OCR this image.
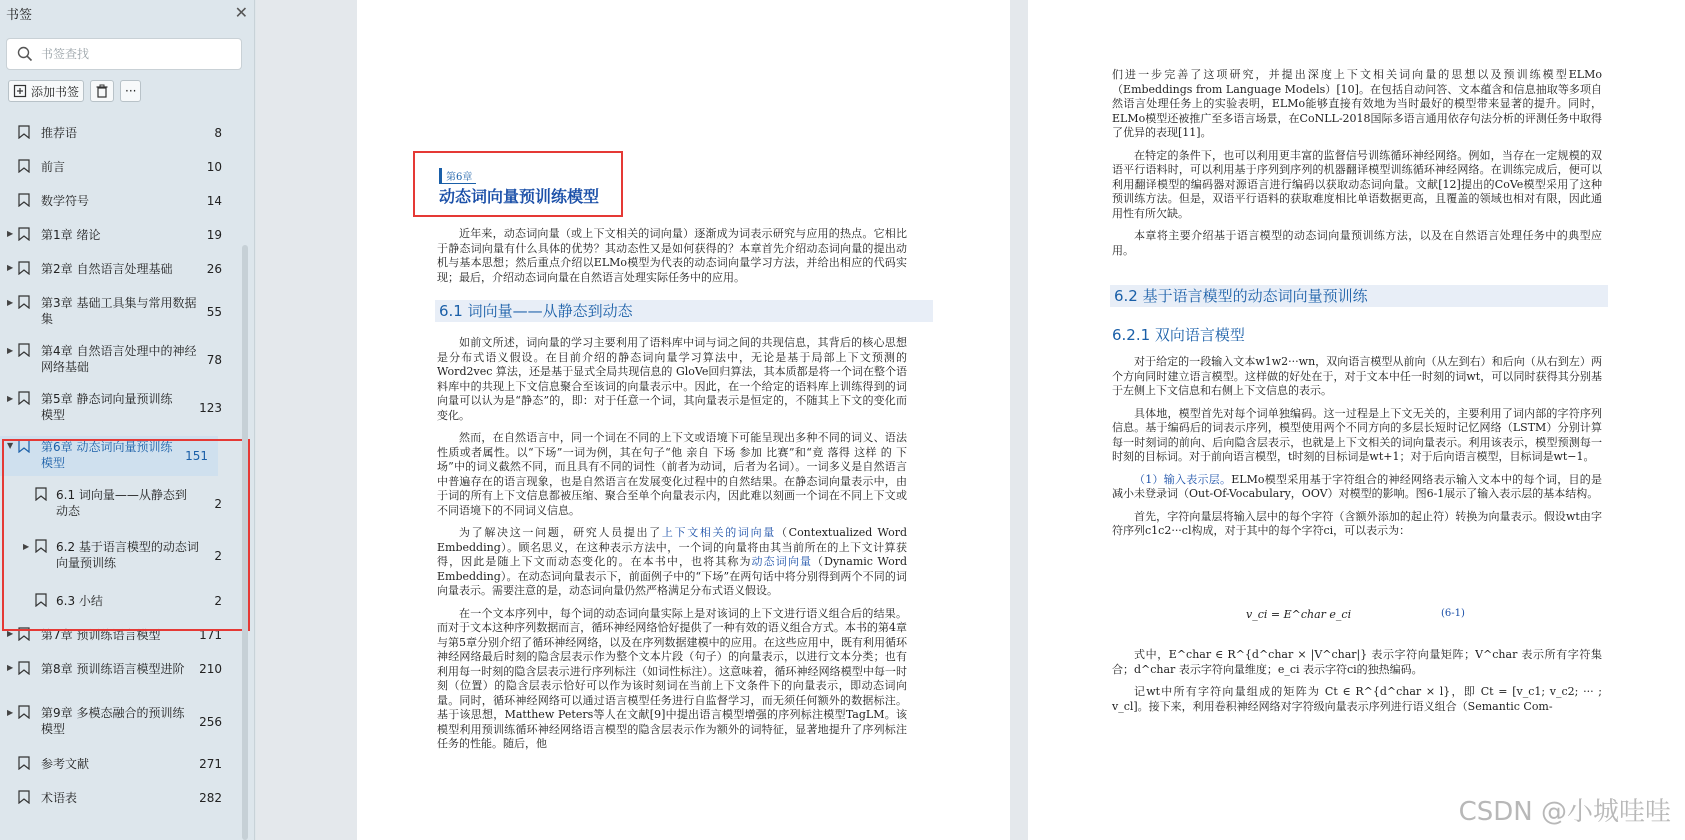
书签	✕
书签查找
添加书签	···
推荐语	8
前言	10
数学符号	14
▶ 第1章 绪论	19
▶ 第2章 自然语言处理基础	26
▶ 第3章 基础工具集与常用数据集	55
▶ 第4章 自然语言处理中的神经网络基础	78
▶ 第5章 静态词向量预训练模型	123
▼ 第6章 动态词向量预训练模型	151
6.1 词向量——从静态到动态	2
▶ 6.2 基于语言模型的动态词向量预训练	2
6.3 小结	2
▶ 第7章 预训练语言模型	171
▶ 第8章 预训练语言模型进阶 210
▶ 第9章 多模态融合的预训练模型	256
参考文献	271
术语表	282
第6章
动态词向量预训练模型

近年来，动态词向量（或上下文相关的词向量）逐渐成为词表示研究与应用的热点。它相比于静态词向量有什么具体的优势？其动态性又是如何获得的？本章首先介绍动态词向量的提出动机与基本思想；然后重点介绍以ELMo模型为代表的动态词向量学习方法，并给出相应的代码实现；最后，介绍动态词向量在自然语言处理实际任务中的应用。

6.1 词向量——从静态到动态

如前文所述，词向量的学习主要利用了语料库中词与词之间的共现信息，其背后的核心思想是分布式语义假设。在目前介绍的静态词向量学习算法中，无论是基于局部上下文预测的 Word2vec 算法，还是基于显式全局共现信息的 GloVe回归算法，其本质都是将一个词在整个语料库中的共现上下文信息聚合至该词的向量表示中。因此，在一个给定的语料库上训练得到的词向量可以认为是“静态”的，即：对于任意一个词，其向量表示是恒定的，不随其上下文的变化而变化。

然而，在自然语言中，同一个词在不同的上下文或语境下可能呈现出多种不同的词义、语法性质或者属性。以“下场”一词为例，其在句子“他 亲自 下场 参加 比赛”和“竟 落得 这样 的 下场”中的词义截然不同，而且具有不同的词性（前者为动词，后者为名词）。一词多义是自然语言中普遍存在的语言现象，也是自然语言在发展变化过程中的自然结果。在静态词向量表示中，由于词的所有上下文信息都被压缩、聚合至单个向量表示内，因此难以刻画一个词在不同上下文或不同语境下的不同词义信息。

为了解决这一问题，研究人员提出了上下文相关的词向量（Contextualized Word Embedding）。顾名思义，在这种表示方法中，一个词的向量将由其当前所在的上下文计算获得，因此是随上下文而动态变化的。在本书中，也将其称为动态词向量（Dynamic Word Embedding）。在动态词向量表示下，前面例子中的“下场”在两句话中将分别得到两个不同的词向量表示。需要注意的是，动态词向量仍然严格满足分布式语义假设。

在一个文本序列中，每个词的动态词向量实际上是对该词的上下文进行语义组合后的结果。而对于文本这种序列数据而言，循环神经网络恰好提供了一种有效的语义组合方式。本书的第4章与第5章分别介绍了循环神经网络，以及在序列数据建模中的应用。在这些应用中，既有利用循环神经网络最后时刻的隐含层表示作为整个文本片段（句子）的向量表示，以进行文本分类；也有利用每一时刻的隐含层表示进行序列标注（如词性标注）。这意味着，循环神经网络模型中每一时刻（位置）的隐含层表示恰好可以作为该时刻词在当前上下文条件下的向量表示，即动态词向量。同时，循环神经网络可以通过语言模型任务进行自监督学习，而无须任何额外的数据标注。基于该思想，Matthew Peters等人在文献[9]中提出语言模型增强的序列标注模型TagLM。该模型利用预训练循环神经网络语言模型的隐含层表示作为额外的词特征，显著地提升了序列标注任务的性能。随后，他

们进一步完善了这项研究，并提出深度上下文相关词向量的思想以及预训练模型ELMo（Embeddings from Language Models）[10]。在包括自动问答、文本蕴含和信息抽取等多项自然语言处理任务上的实验表明，ELMo能够直接有效地为当时最好的模型带来显著的提升。同时，ELMo模型还被推广至多语言场景，在CoNLL-2018国际多语言通用依存句法分析的评测任务中取得了优异的表现[11]。

在特定的条件下，也可以利用更丰富的监督信号训练循环神经网络。例如，当存在一定规模的双语平行语料时，可以利用基于序列到序列的机器翻译模型训练循环神经网络。在训练完成后，便可以利用翻译模型的编码器对源语言进行编码以获取动态词向量。文献[12]提出的CoVe模型采用了这种预训练方法。但是，双语平行语料的获取难度相比单语数据更高，且覆盖的领域也相对有限，因此通用性有所欠缺。

本章将主要介绍基于语言模型的动态词向量预训练方法，以及在自然语言处理任务中的典型应用。

6.2 基于语言模型的动态词向量预训练
6.2.1 双向语言模型

对于给定的一段输入文本w1w2···wn，双向语言模型从前向（从左到右）和后向（从右到左）两个方向同时建立语言模型。这样做的好处在于，对于文本中任一时刻的词wt，可以同时获得其分别基于左侧上下文信息和右侧上下文信息的表示。

具体地，模型首先对每个词单独编码。这一过程是上下文无关的，主要利用了词内部的字符序列信息。基于编码后的词表示序列，模型使用两个不同方向的多层长短时记忆网络（LSTM）分别计算每一时刻词的前向、后向隐含层表示，也就是上下文相关的词向量表示。利用该表示，模型预测每一时刻的目标词。对于前向语言模型，t时刻的目标词是wt+1；对于后向语言模型，目标词是wt−1。

（1）输入表示层。ELMo模型采用基于字符组合的神经网络表示输入文本中的每个词，目的是减小未登录词（Out-Of-Vocabulary，OOV）对模型的影响。图6-1展示了输入表示层的基本结构。

首先，字符向量层将输入层中的每个字符（含额外添加的起止符）转换为向量表示。假设wt由字符序列c1c2···cl构成，对于其中的每个字符ci，可以表示为：

v_ci = E^char e_ci	(6-1)

式中，E^char ∈ R^{d^char × |V^char|} 表示字符向量矩阵；V^char 表示所有字符集合；d^char 表示字符向量维度；e_ci 表示字符ci的独热编码。

记wt中所有字符向量组成的矩阵为 Ct ∈ R^{d^char × l}，即 Ct = [v_c1; v_c2; ··· ; v_cl]。接下来，利用卷积神经网络对字符级向量表示序列进行语义组合（Semantic Com-

CSDN @小城哇哇
